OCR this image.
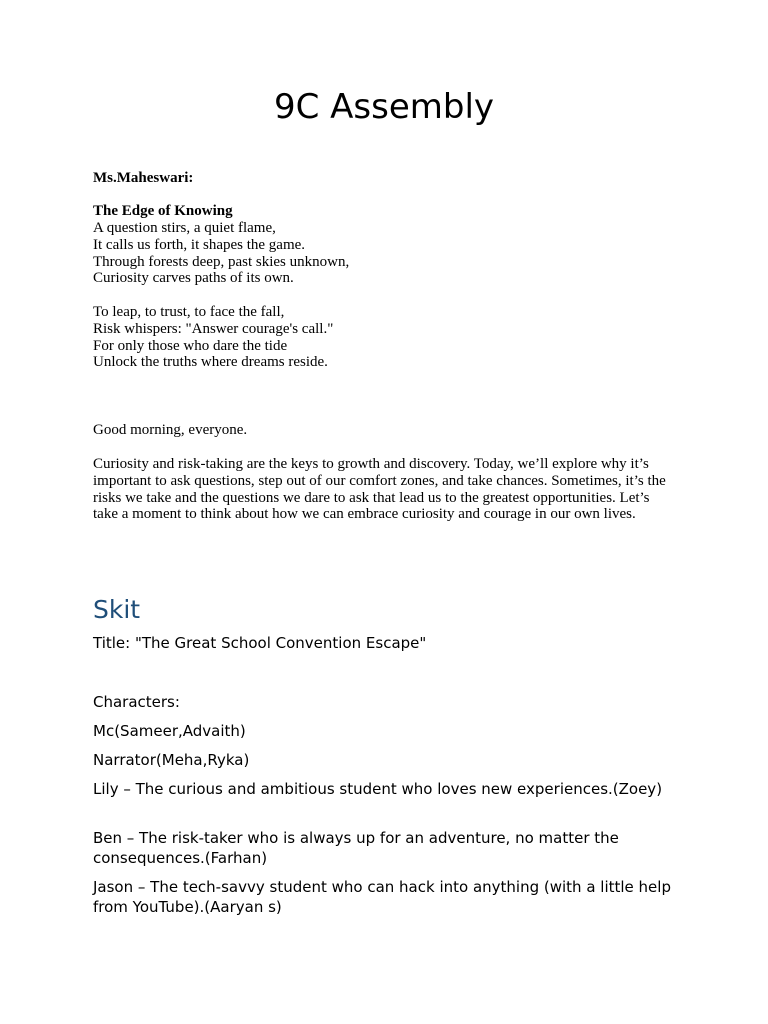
9C Assembly
Ms.Maheswari:
The Edge of Knowing
A question stirs, a quiet flame,
It calls us forth, it shapes the game.
Through forests deep, past skies unknown,
Curiosity carves paths of its own.
To leap, to trust, to face the fall,
Risk whispers: "Answer courage's call."
For only those who dare the tide
Unlock the truths where dreams reside.
Good morning, everyone.
Curiosity and risk-taking are the keys to growth and discovery. Today, we’ll explore why it’s important to ask questions, step out of our comfort zones, and take chances. Sometimes, it’s the risks we take and the questions we dare to ask that lead us to the greatest opportunities. Let’s take a moment to think about how we can embrace curiosity and courage in our own lives.
Skit
Title: "The Great School Convention Escape"
Characters:
Mc(Sameer,Advaith)
Narrator(Meha,Ryka)
Lily – The curious and ambitious student who loves new experiences.(Zoey)
Ben – The risk-taker who is always up for an adventure, no matter the consequences.(Farhan)
Jason – The tech-savvy student who can hack into anything (with a little help from YouTube).(Aaryan s)
